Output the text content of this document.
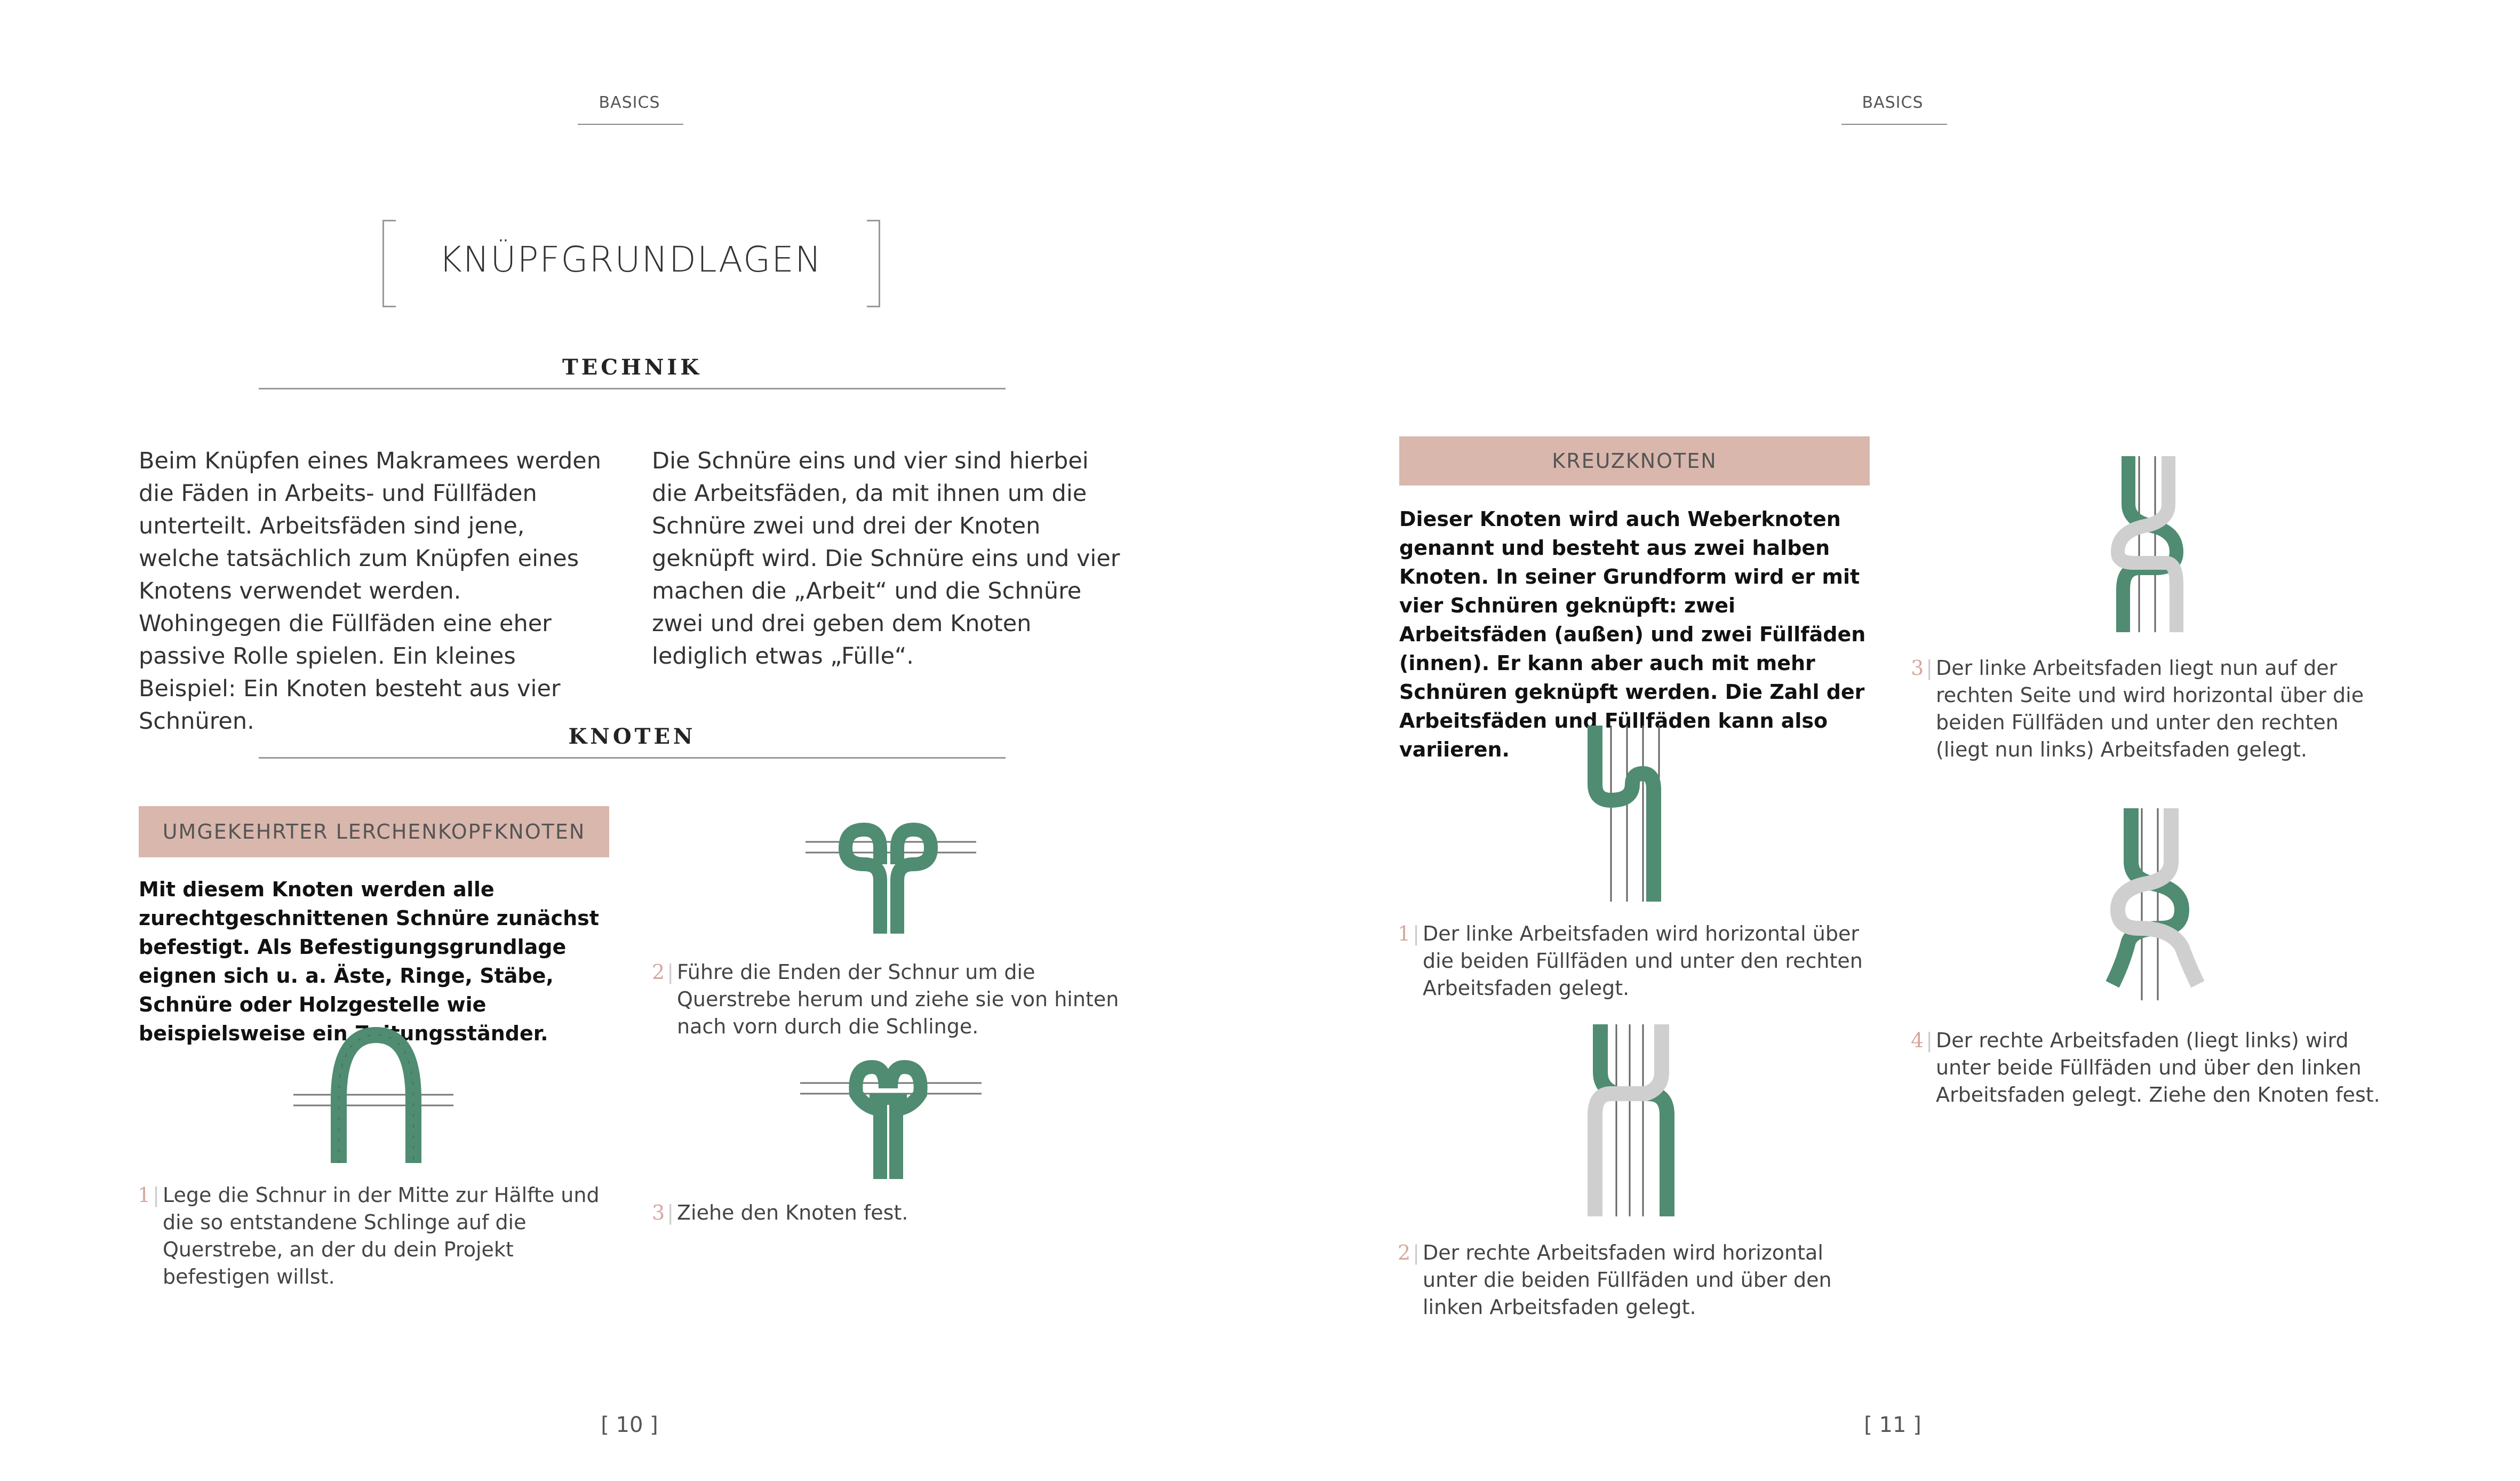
BASICS
KNÜPFGRUNDLAGEN
TECHNIK
Beim Knüpfen eines Makramees werden die Fäden in Arbeits- und Füllfäden unterteilt. Arbeitsfäden sind jene, welche tatsächlich zum Knüpfen eines Knotens verwendet werden. Wohingegen die Füllfäden eine eher passive Rolle spielen. Ein kleines Beispiel: Ein Knoten besteht aus vier Schnüren.
Die Schnüre eins und vier sind hierbei die Arbeitsfäden, da mit ihnen um die Schnüre zwei und drei der Knoten geknüpft wird. Die Schnüre eins und vier machen die „Arbeit“ und die Schnüre zwei und drei geben dem Knoten lediglich etwas „Fülle“.
KNOTEN
UMGEKEHRTER LERCHENKOPFKNOTEN
Mit diesem Knoten werden alle zurechtgeschnittenen Schnüre zunächst befestigt. Als Befestigungsgrundlage eignen sich u. a. Äste, Ringe, Stäbe, Schnüre oder Holzgestelle wie beispielsweise ein Zeitungsständer.
1 | Lege die Schnur in der Mitte zur Hälfte und die so entstandene Schlinge auf die Querstrebe, an der du dein Projekt befestigen willst.
2 | Führe die Enden der Schnur um die Querstrebe herum und ziehe sie von hinten nach vorn durch die Schlinge.
3 | Ziehe den Knoten fest.
[ 10 ]
BASICS
KREUZKNOTEN
Dieser Knoten wird auch Weberknoten genannt und besteht aus zwei halben Knoten. In seiner Grundform wird er mit vier Schnüren geknüpft: zwei Arbeitsfäden (außen) und zwei Füllfäden (innen). Er kann aber auch mit mehr Schnüren geknüpft werden. Die Zahl der Arbeitsfäden und Füllfäden kann also variieren.
1 | Der linke Arbeitsfaden wird horizontal über die beiden Füllfäden und unter den rechten Arbeitsfaden gelegt.
2 | Der rechte Arbeitsfaden wird horizontal unter die beiden Füllfäden und über den linken Arbeitsfaden gelegt.
3 | Der linke Arbeitsfaden liegt nun auf der rechten Seite und wird horizontal über die beiden Füllfäden und unter den rechten (liegt nun links) Arbeitsfaden gelegt.
4 | Der rechte Arbeitsfaden (liegt links) wird unter beide Füllfäden und über den linken Arbeitsfaden gelegt. Ziehe den Knoten fest.
[ 11 ]
